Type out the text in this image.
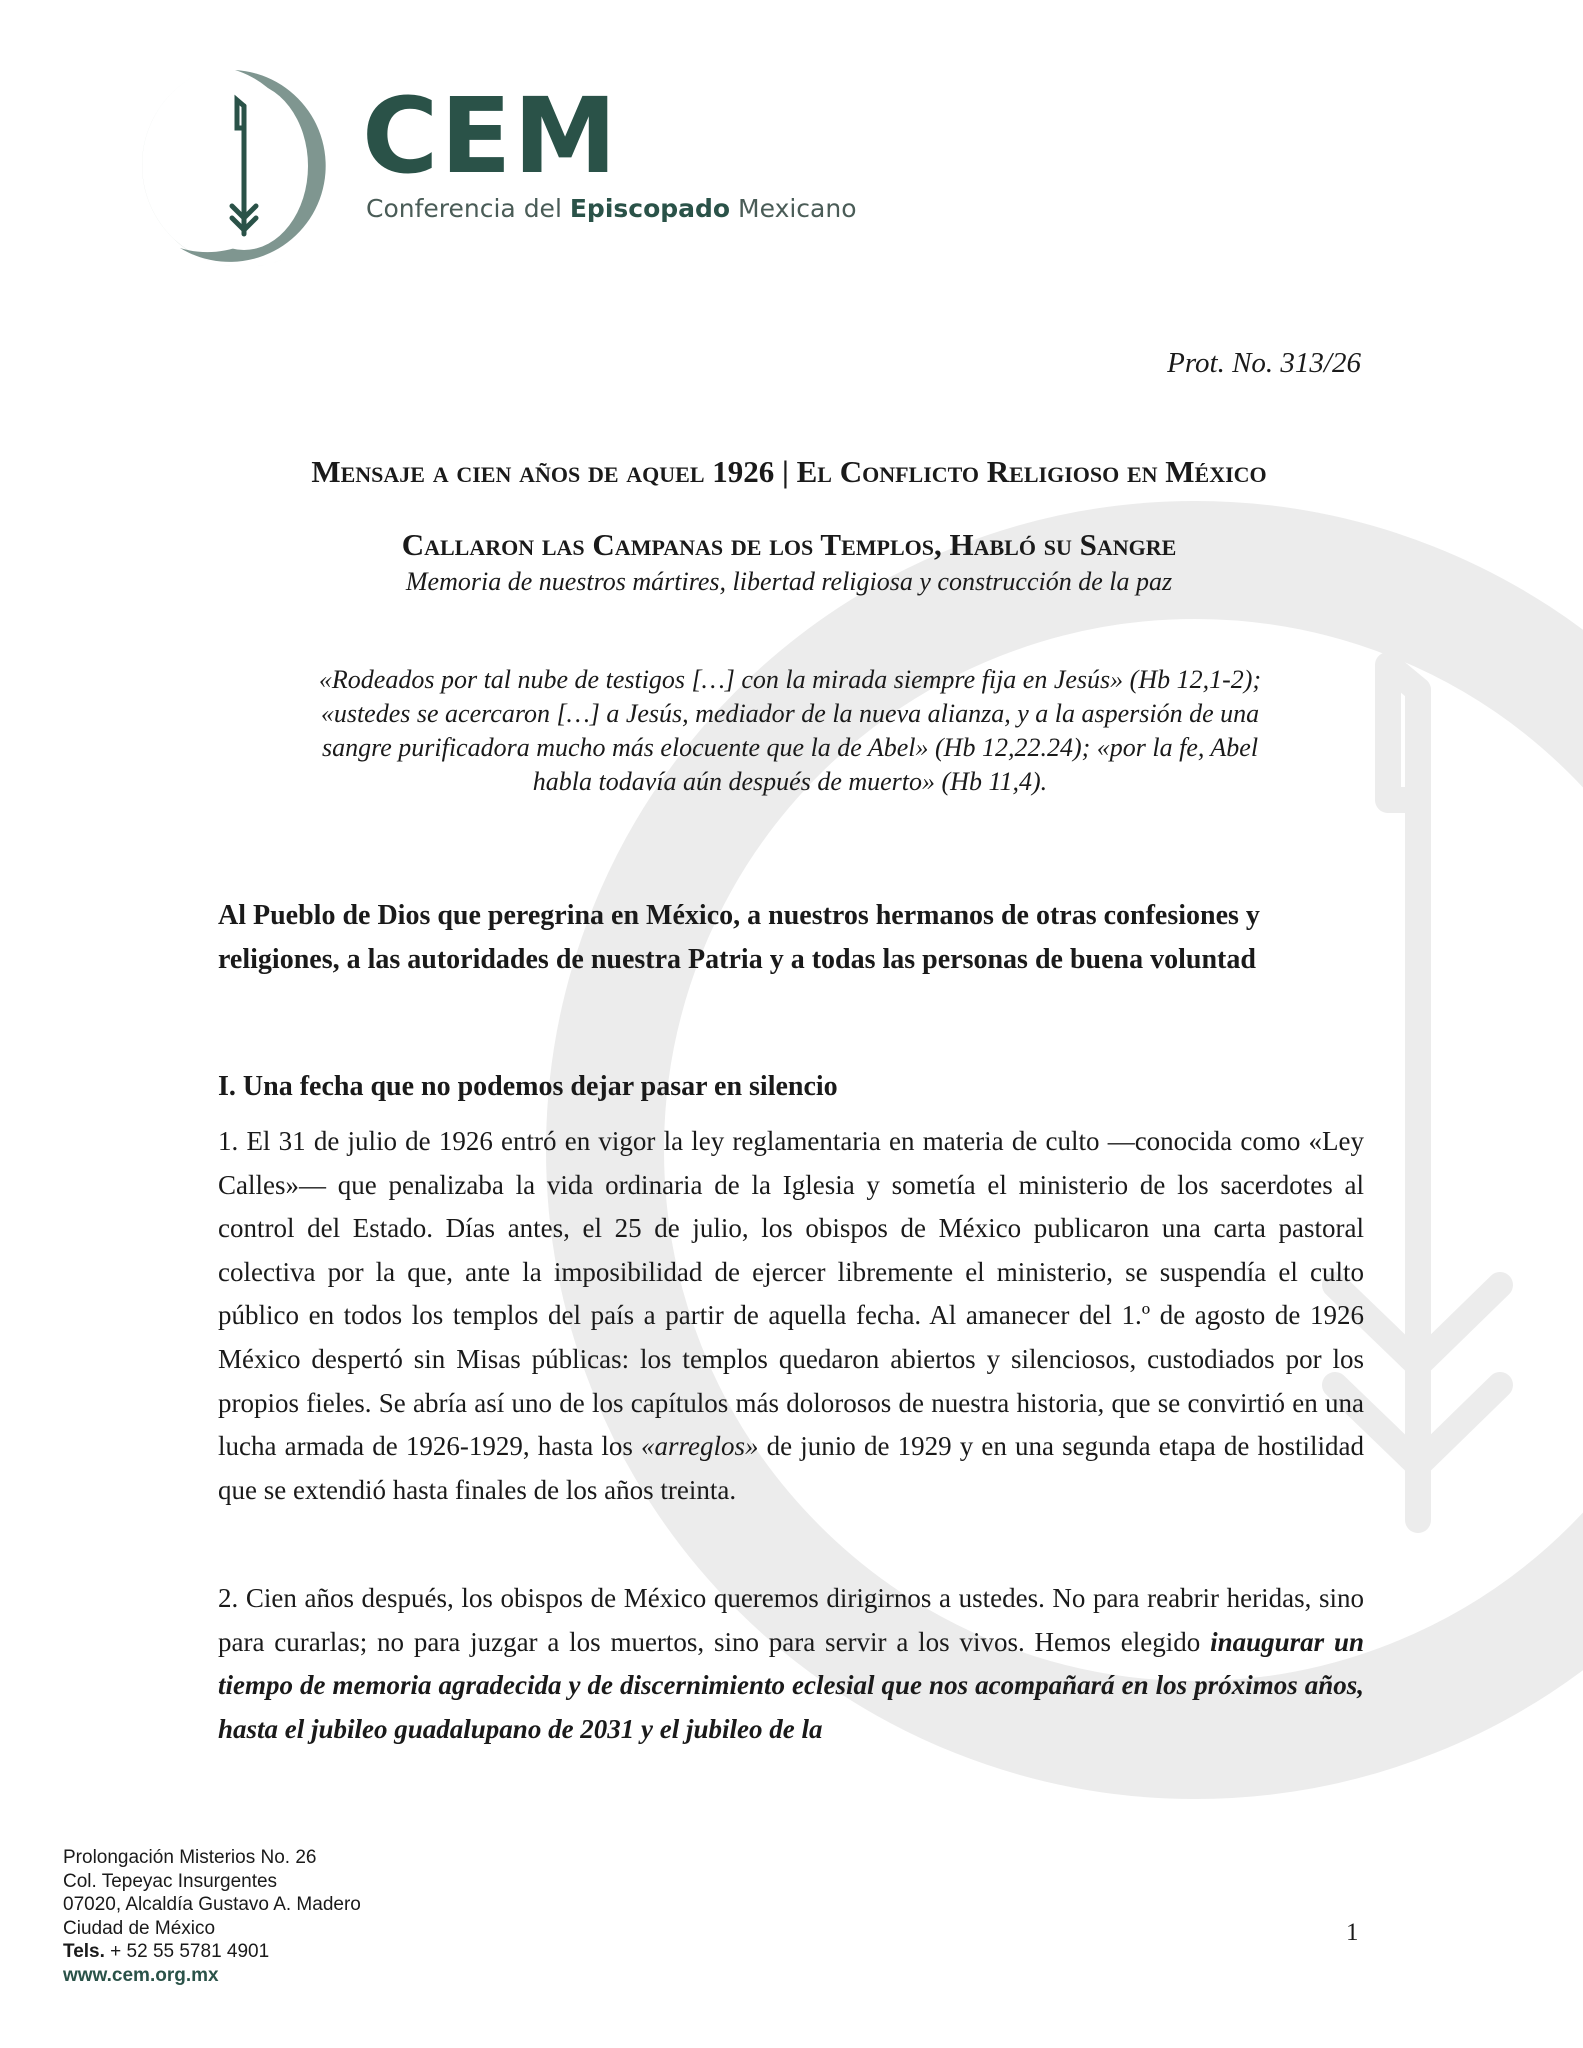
CEM

Conferencia del Episcopado Mexicano

Prot. No. 313/26

Mensaje a cien años de aquel 1926 | El Conflicto Religioso en México
Callaron las Campanas de los Templos, Habló su Sangre

Memoria de nuestros mártires, libertad religiosa y construcción de la paz

«Rodeados por tal nube de testigos […] con la mirada siempre fija en Jesús» (Hb 12,1-2); «ustedes se acercaron […] a Jesús, mediador de la nueva alianza, y a la aspersión de una sangre purificadora mucho más elocuente que la de Abel» (Hb 12,22.24); «por la fe, Abel habla todavía aún después de muerto» (Hb 11,4).

Al Pueblo de Dios que peregrina en México, a nuestros hermanos de otras confesiones y religiones, a las autoridades de nuestra Patria y a todas las personas de buena voluntad

I. Una fecha que no podemos dejar pasar en silencio

1. El 31 de julio de 1926 entró en vigor la ley reglamentaria en materia de culto —conocida como «Ley Calles»— que penalizaba la vida ordinaria de la Iglesia y sometía el ministerio de los sacerdotes al control del Estado. Días antes, el 25 de julio, los obispos de México publicaron una carta pastoral colectiva por la que, ante la imposibilidad de ejercer libremente el ministerio, se suspendía el culto público en todos los templos del país a partir de aquella fecha. Al amanecer del 1.º de agosto de 1926 México despertó sin Misas públicas: los templos quedaron abiertos y silenciosos, custodiados por los propios fieles. Se abría así uno de los capítulos más dolorosos de nuestra historia, que se convirtió en una lucha armada de 1926-1929, hasta los «arreglos» de junio de 1929 y en una segunda etapa de hostilidad que se extendió hasta finales de los años treinta.

2. Cien años después, los obispos de México queremos dirigirnos a ustedes. No para reabrir heridas, sino para curarlas; no para juzgar a los muertos, sino para servir a los vivos. Hemos elegido inaugurar un tiempo de memoria agradecida y de discernimiento eclesial que nos acompañará en los próximos años, hasta el jubileo guadalupano de 2031 y el jubileo de la

Prolongación Misterios No. 26
Col. Tepeyac Insurgentes
07020, Alcaldía Gustavo A. Madero
Ciudad de México
Tels. + 52 55 5781 4901
www.cem.org.mx

1
